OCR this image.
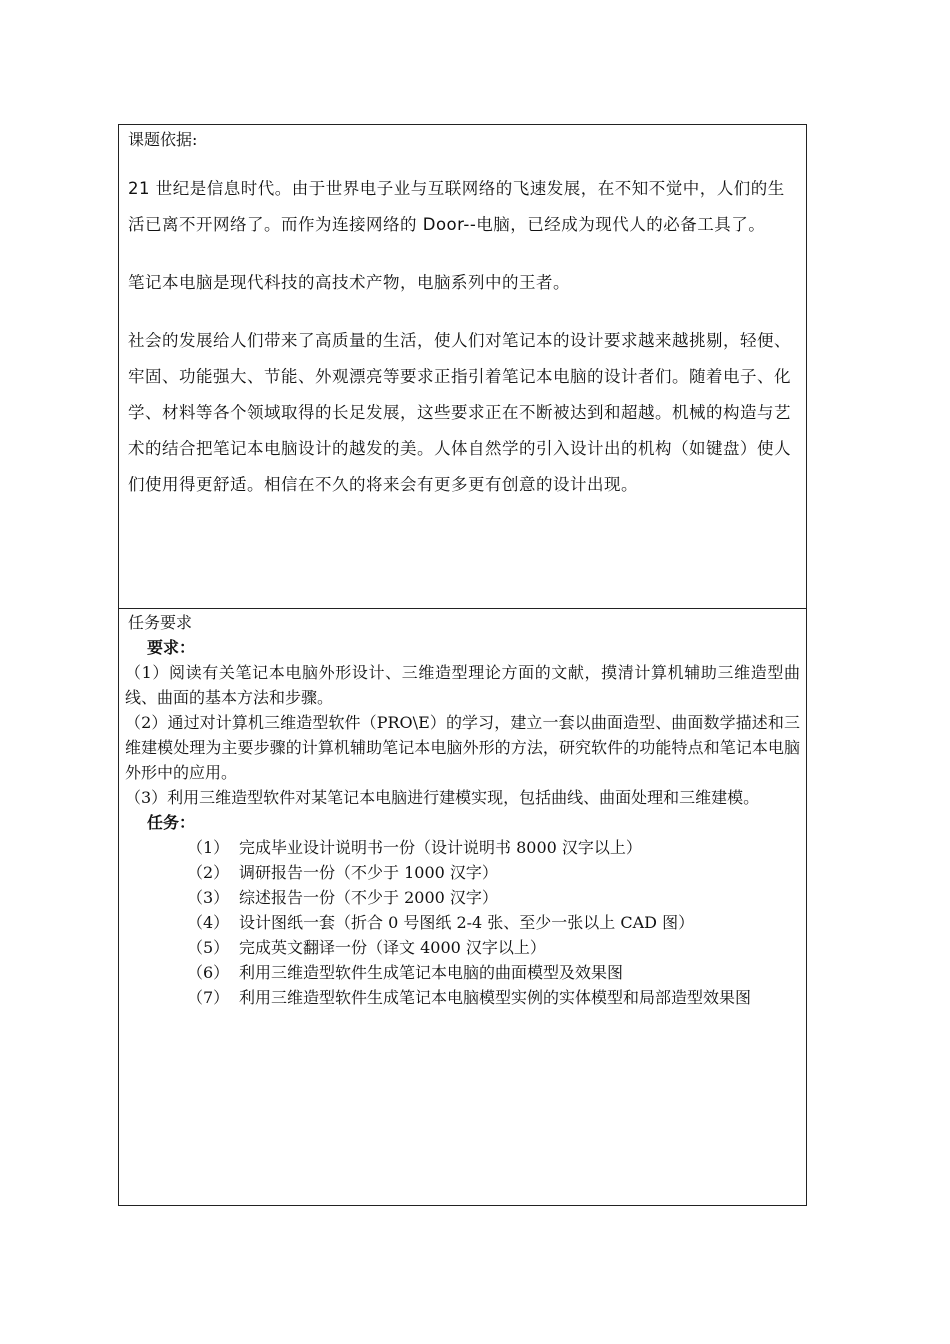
课题依据:

21 世纪是信息时代。由于世界电子业与互联网络的飞速发展，在不知不觉中，人们的生活已离不开网络了。而作为连接网络的 Door--电脑，已经成为现代人的必备工具了。

笔记本电脑是现代科技的高技术产物，电脑系列中的王者。

社会的发展给人们带来了高质量的生活，使人们对笔记本的设计要求越来越挑剔，轻便、牢固、功能强大、节能、外观漂亮等要求正指引着笔记本电脑的设计者们。随着电子、化学、材料等各个领域取得的长足发展，这些要求正在不断被达到和超越。机械的构造与艺术的结合把笔记本电脑设计的越发的美。人体自然学的引入设计出的机构（如键盘）使人们使用得更舒适。相信在不久的将来会有更多更有创意的设计出现。

任务要求
要求：

（1）阅读有关笔记本电脑外形设计、三维造型理论方面的文献，摸清计算机辅助三维造型曲线、曲面的基本方法和步骤。

（2）通过对计算机三维造型软件（PRO\E）的学习，建立一套以曲面造型、曲面数学描述和三维建模处理为主要步骤的计算机辅助笔记本电脑外形的方法，研究软件的功能特点和笔记本电脑外形中的应用。

（3）利用三维造型软件对某笔记本电脑进行建模实现，包括曲线、曲面处理和三维建模。

任务：
（1） 完成毕业设计说明书一份（设计说明书 8000 汉字以上）
（2） 调研报告一份（不少于 1000 汉字）
（3） 综述报告一份（不少于 2000 汉字）
（4） 设计图纸一套（折合 0 号图纸 2-4 张、至少一张以上 CAD 图）
（5） 完成英文翻译一份（译文 4000 汉字以上）
（6） 利用三维造型软件生成笔记本电脑的曲面模型及效果图
（7） 利用三维造型软件生成笔记本电脑模型实例的实体模型和局部造型效果图
